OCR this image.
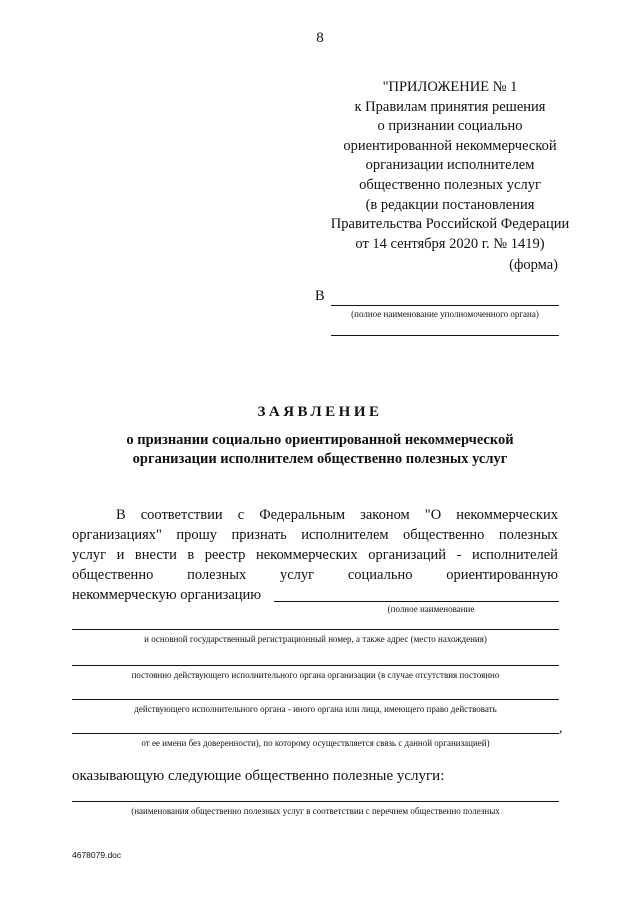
8
"ПРИЛОЖЕНИЕ № 1
к Правилам принятия решения
о признании социально
ориентированной некоммерческой
организации исполнителем
общественно полезных услуг
(в редакции постановления
Правительства Российской Федерации
от 14 сентября 2020 г. № 1419)
(форма)
В
(полное наименование уполномоченного органа)
ЗАЯВЛЕНИЕ
о признании социально ориентированной некоммерческой
организации исполнителем общественно полезных услуг
В соответствии с Федеральным законом "О некоммерческих
организациях" прошу признать исполнителем общественно полезных
услуг и внести в реестр некоммерческих организаций - исполнителей
общественно полезных услуг социально ориентированную
некоммерческую организацию
(полное наименование
и основной государственный регистрационный номер, а также адрес (место нахождения)
постоянно действующего исполнительного органа организации (в случае отсутствия постоянно
действующего исполнительного органа - иного органа или лица, имеющего право действовать
,
от ее имени без доверенности), по которому осуществляется связь с данной организацией)
оказывающую следующие общественно полезные услуги:
(наименования общественно полезных услуг в соответствии с перечнем общественно полезных
4678079.doc
